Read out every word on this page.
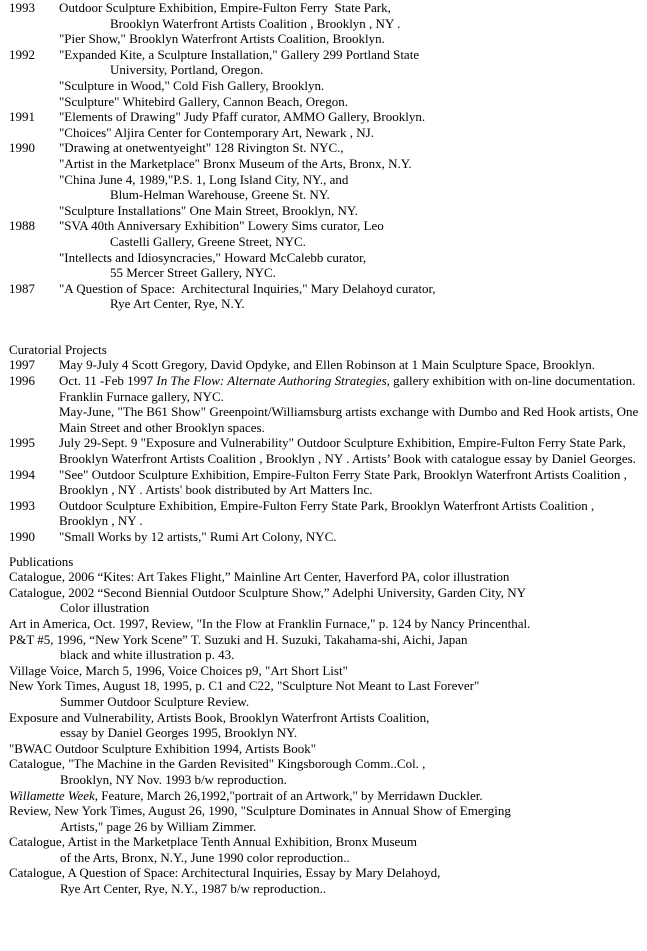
1993	Outdoor Sculpture Exhibition, Empire-Fulton Ferry  State Park,
Brooklyn Waterfront Artists Coalition , Brooklyn , NY .
"Pier Show," Brooklyn Waterfront Artists Coalition, Brooklyn.
1992	"Expanded Kite, a Sculpture Installation," Gallery 299 Portland State
University, Portland, Oregon.
"Sculpture in Wood," Cold Fish Gallery, Brooklyn.
"Sculpture" Whitebird Gallery, Cannon Beach, Oregon.
1991	"Elements of Drawing" Judy Pfaff curator, AMMO Gallery, Brooklyn.
"Choices" Aljira Center for Contemporary Art, Newark , NJ.
1990	"Drawing at onetwentyeight" 128 Rivington St. NYC.,
"Artist in the Marketplace" Bronx Museum of the Arts, Bronx, N.Y.
"China June 4, 1989,"P.S. 1, Long Island City, NY., and
Blum-Helman Warehouse, Greene St. NY.
"Sculpture Installations" One Main Street, Brooklyn, NY.
1988	"SVA 40th Anniversary Exhibition" Lowery Sims curator, Leo
Castelli Gallery, Greene Street, NYC.
"Intellects and Idiosyncracies," Howard McCalebb curator,
55 Mercer Street Gallery, NYC.
1987	"A Question of Space:  Architectural Inquiries," Mary Delahoyd curator,
Rye Art Center, Rye, N.Y.
Curatorial Projects
1997	May 9-July 4 Scott Gregory, David Opdyke, and Ellen Robinson at 1 Main Sculpture Space, Brooklyn.
1996	Oct. 11 -Feb 1997 In The Flow: Alternate Authoring Strategies, gallery exhibition with on-line documentation. Franklin Furnace gallery, NYC.
May-June, "The B61 Show" Greenpoint/Williamsburg artists exchange with Dumbo and Red Hook artists, One Main Street and other Brooklyn spaces.
1995	July 29-Sept. 9 "Exposure and Vulnerability" Outdoor Sculpture Exhibition, Empire-Fulton Ferry State Park, Brooklyn Waterfront Artists Coalition , Brooklyn , NY . Artists’ Book with catalogue essay by Daniel Georges.
1994	"See" Outdoor Sculpture Exhibition, Empire-Fulton Ferry State Park, Brooklyn Waterfront Artists Coalition , Brooklyn , NY . Artists' book distributed by Art Matters Inc.
1993	Outdoor Sculpture Exhibition, Empire-Fulton Ferry State Park, Brooklyn Waterfront Artists Coalition , Brooklyn , NY .
1990	"Small Works by 12 artists," Rumi Art Colony, NYC.
Publications
Catalogue, 2006 “Kites: Art Takes Flight,” Mainline Art Center, Haverford PA, color illustration
Catalogue, 2002 “Second Biennial Outdoor Sculpture Show,” Adelphi University, Garden City, NY
Color illustration
Art in America, Oct. 1997, Review, "In the Flow at Franklin Furnace," p. 124 by Nancy Princenthal.
P&T #5, 1996, “New York Scene” T. Suzuki and H. Suzuki, Takahama-shi, Aichi, Japan
black and white illustration p. 43.
Village Voice, March 5, 1996, Voice Choices p9, "Art Short List"
New York Times, August 18, 1995, p. C1 and C22, "Sculpture Not Meant to Last Forever"
Summer Outdoor Sculpture Review.
Exposure and Vulnerability, Artists Book, Brooklyn Waterfront Artists Coalition,
essay by Daniel Georges 1995, Brooklyn NY.
"BWAC Outdoor Sculpture Exhibition 1994, Artists Book"
Catalogue, "The Machine in the Garden Revisited" Kingsborough Comm..Col. ,
Brooklyn, NY Nov. 1993 b/w reproduction.
Willamette Week, Feature, March 26,1992,"portrait of an Artwork," by Merridawn Duckler.
Review, New York Times, August 26, 1990, "Sculpture Dominates in Annual Show of Emerging
Artists," page 26 by William Zimmer.
Catalogue, Artist in the Marketplace Tenth Annual Exhibition, Bronx Museum
of the Arts, Bronx, N.Y., June 1990 color reproduction..
Catalogue, A Question of Space: Architectural Inquiries, Essay by Mary Delahoyd,
Rye Art Center, Rye, N.Y., 1987 b/w reproduction..
